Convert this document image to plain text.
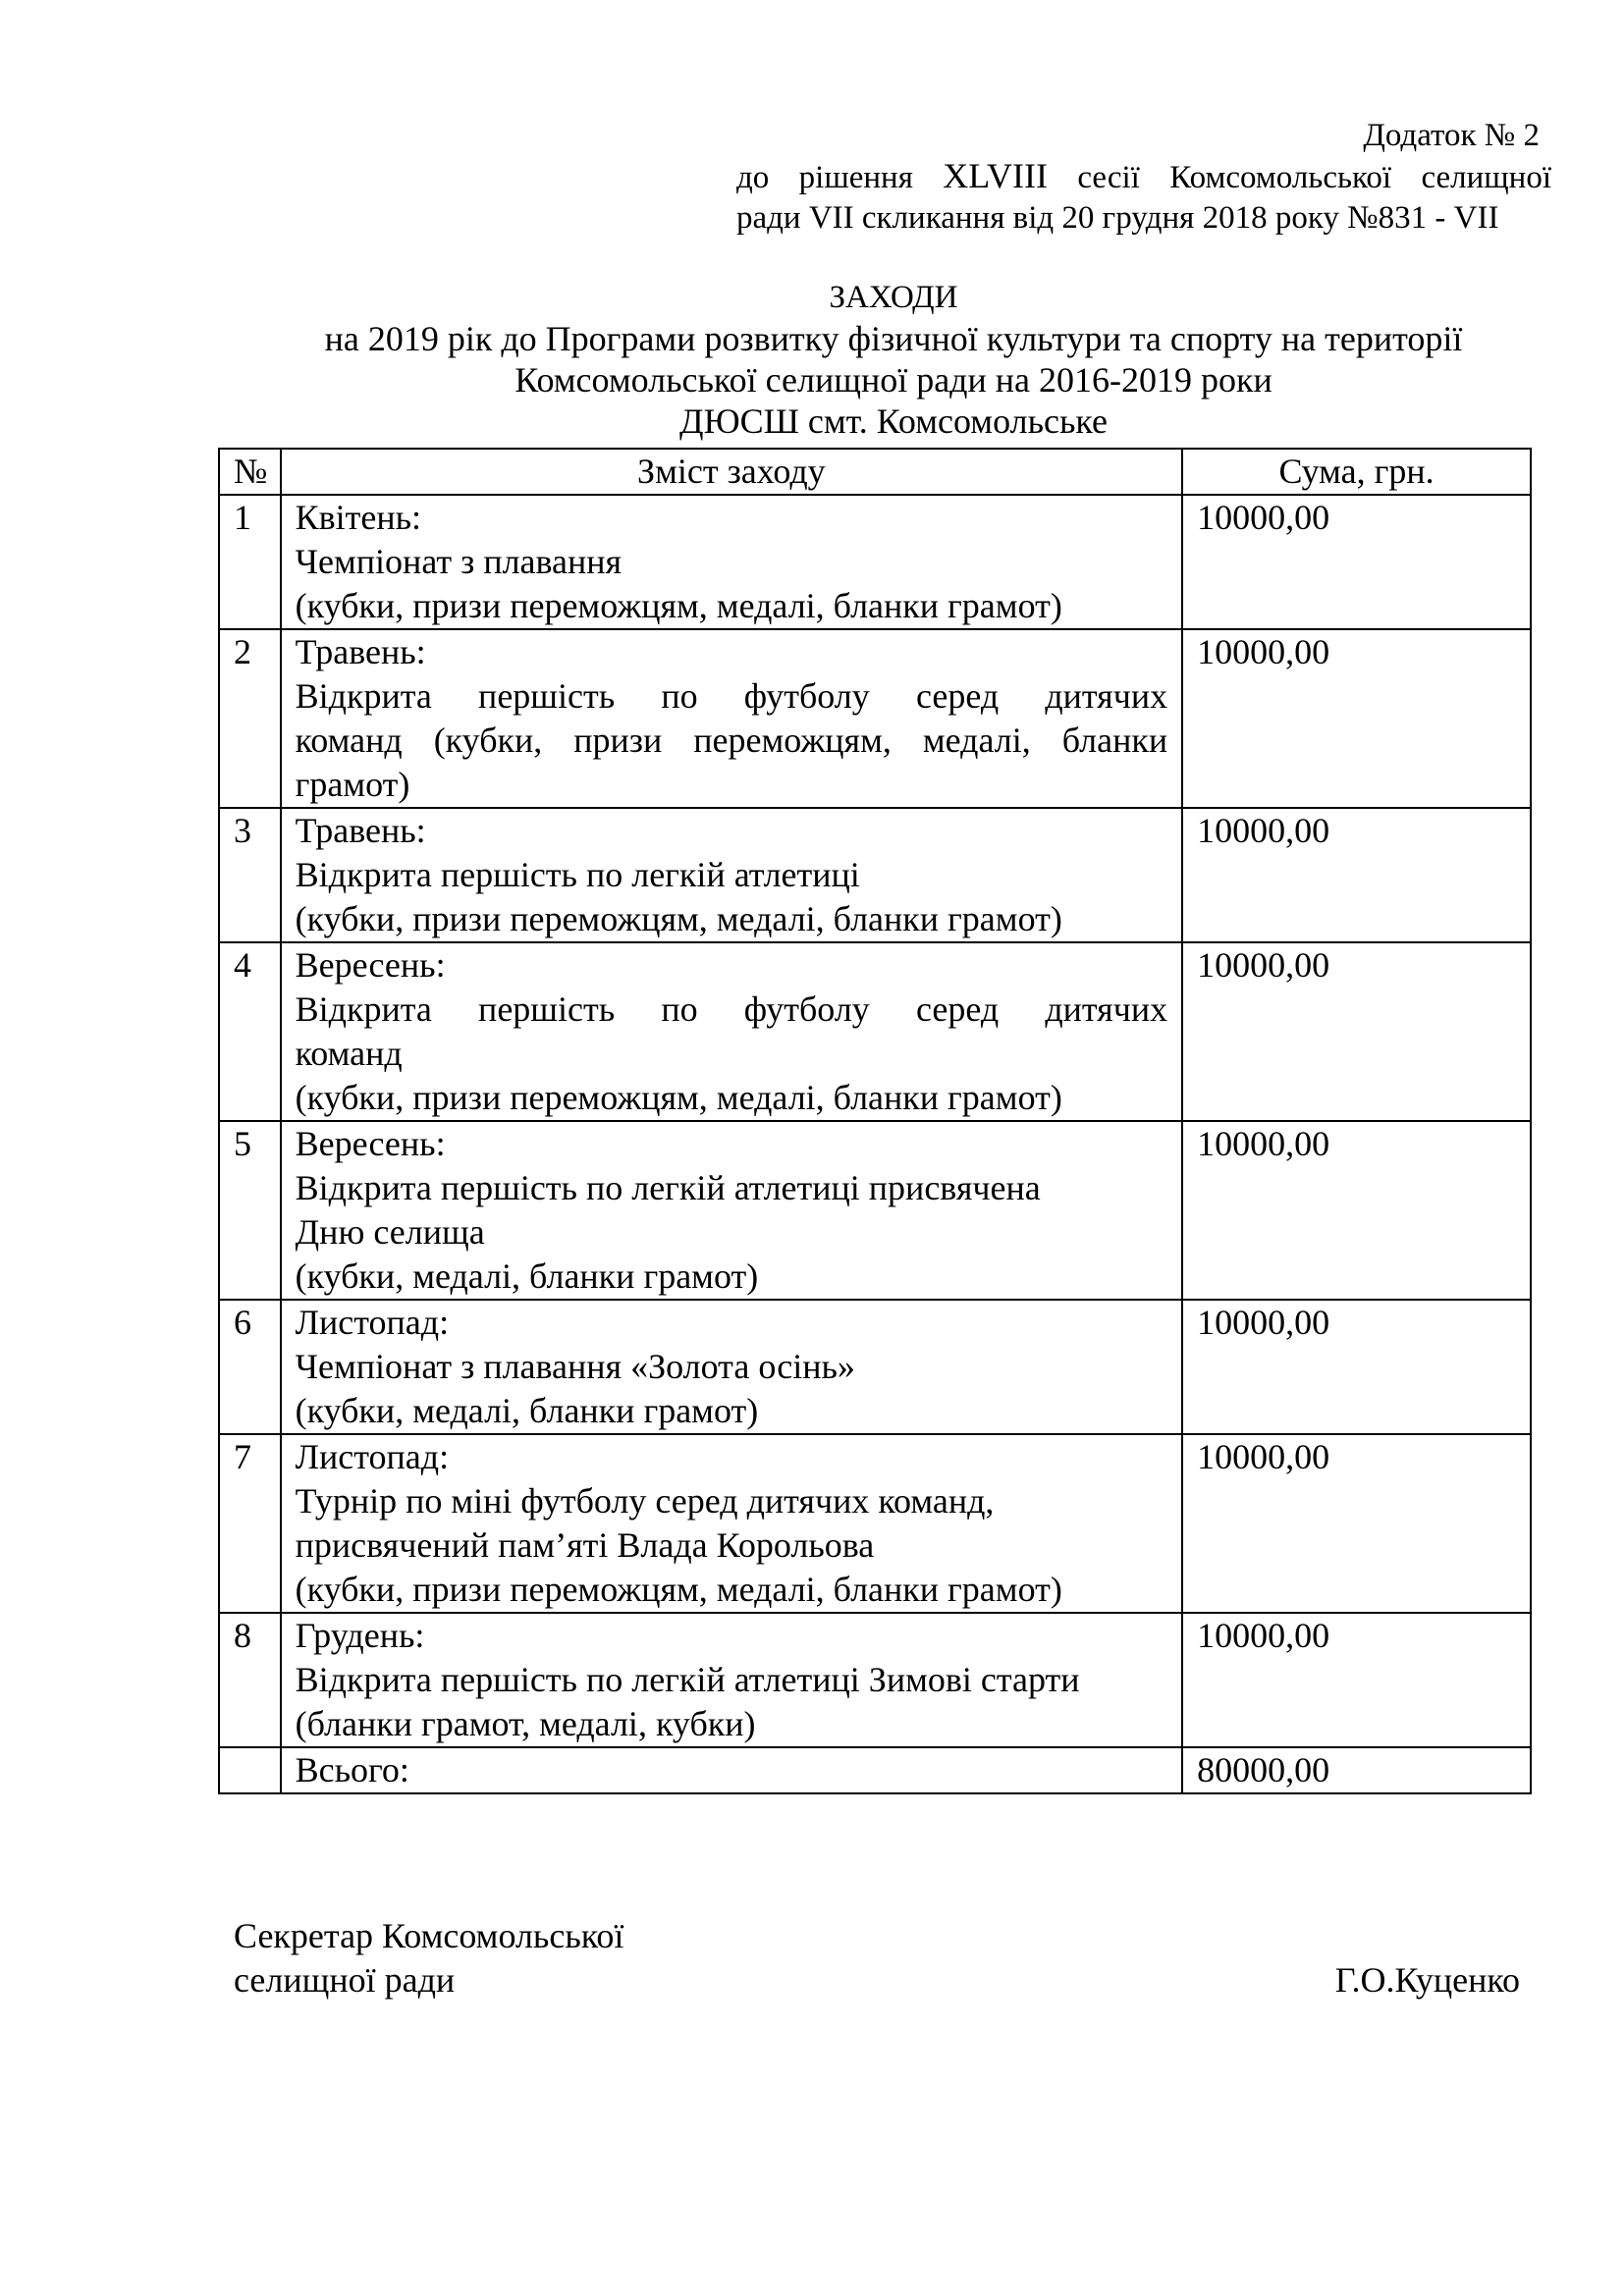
Додаток № 2
до рішення XLVIII сесії Комсомольської селищної
ради VII скликання від 20 грудня 2018 року №831 - VII
ЗАХОДИ
на 2019 рік до Програми розвитку фізичної культури та спорту на території
Комсомольської селищної ради на 2016-2019 роки
ДЮСШ смт. Комсомольське
№	Зміст заходу	Сума, грн.
1	Квітень:
Чемпіонат з плавання
(кубки, призи переможцям, медалі, бланки грамот)	10000,00
2	Травень:
Відкрита першість по футболу серед дитячих
команд (кубки, призи переможцям, медалі, бланки
грамот)	10000,00
3	Травень:
Відкрита першість по легкій атлетиці
(кубки, призи переможцям, медалі, бланки грамот)	10000,00
4	Вересень:
Відкрита першість по футболу серед дитячих
команд
(кубки, призи переможцям, медалі, бланки грамот)	10000,00
5	Вересень:
Відкрита першість по легкій атлетиці присвячена
Дню селища
(кубки, медалі, бланки грамот)	10000,00
6	Листопад:
Чемпіонат з плавання «Золота осінь»
(кубки, медалі, бланки грамот)	10000,00
7	Листопад:
Турнір по міні футболу серед дитячих команд,
присвячений пам’яті Влада Корольова
(кубки, призи переможцям, медалі, бланки грамот)	10000,00
8	Грудень:
Відкрита першість по легкій атлетиці Зимові старти
(бланки грамот, медалі, кубки)	10000,00
	Всього:	80000,00
Секретар Комсомольської
селищної ради	Г.О.Куценко
